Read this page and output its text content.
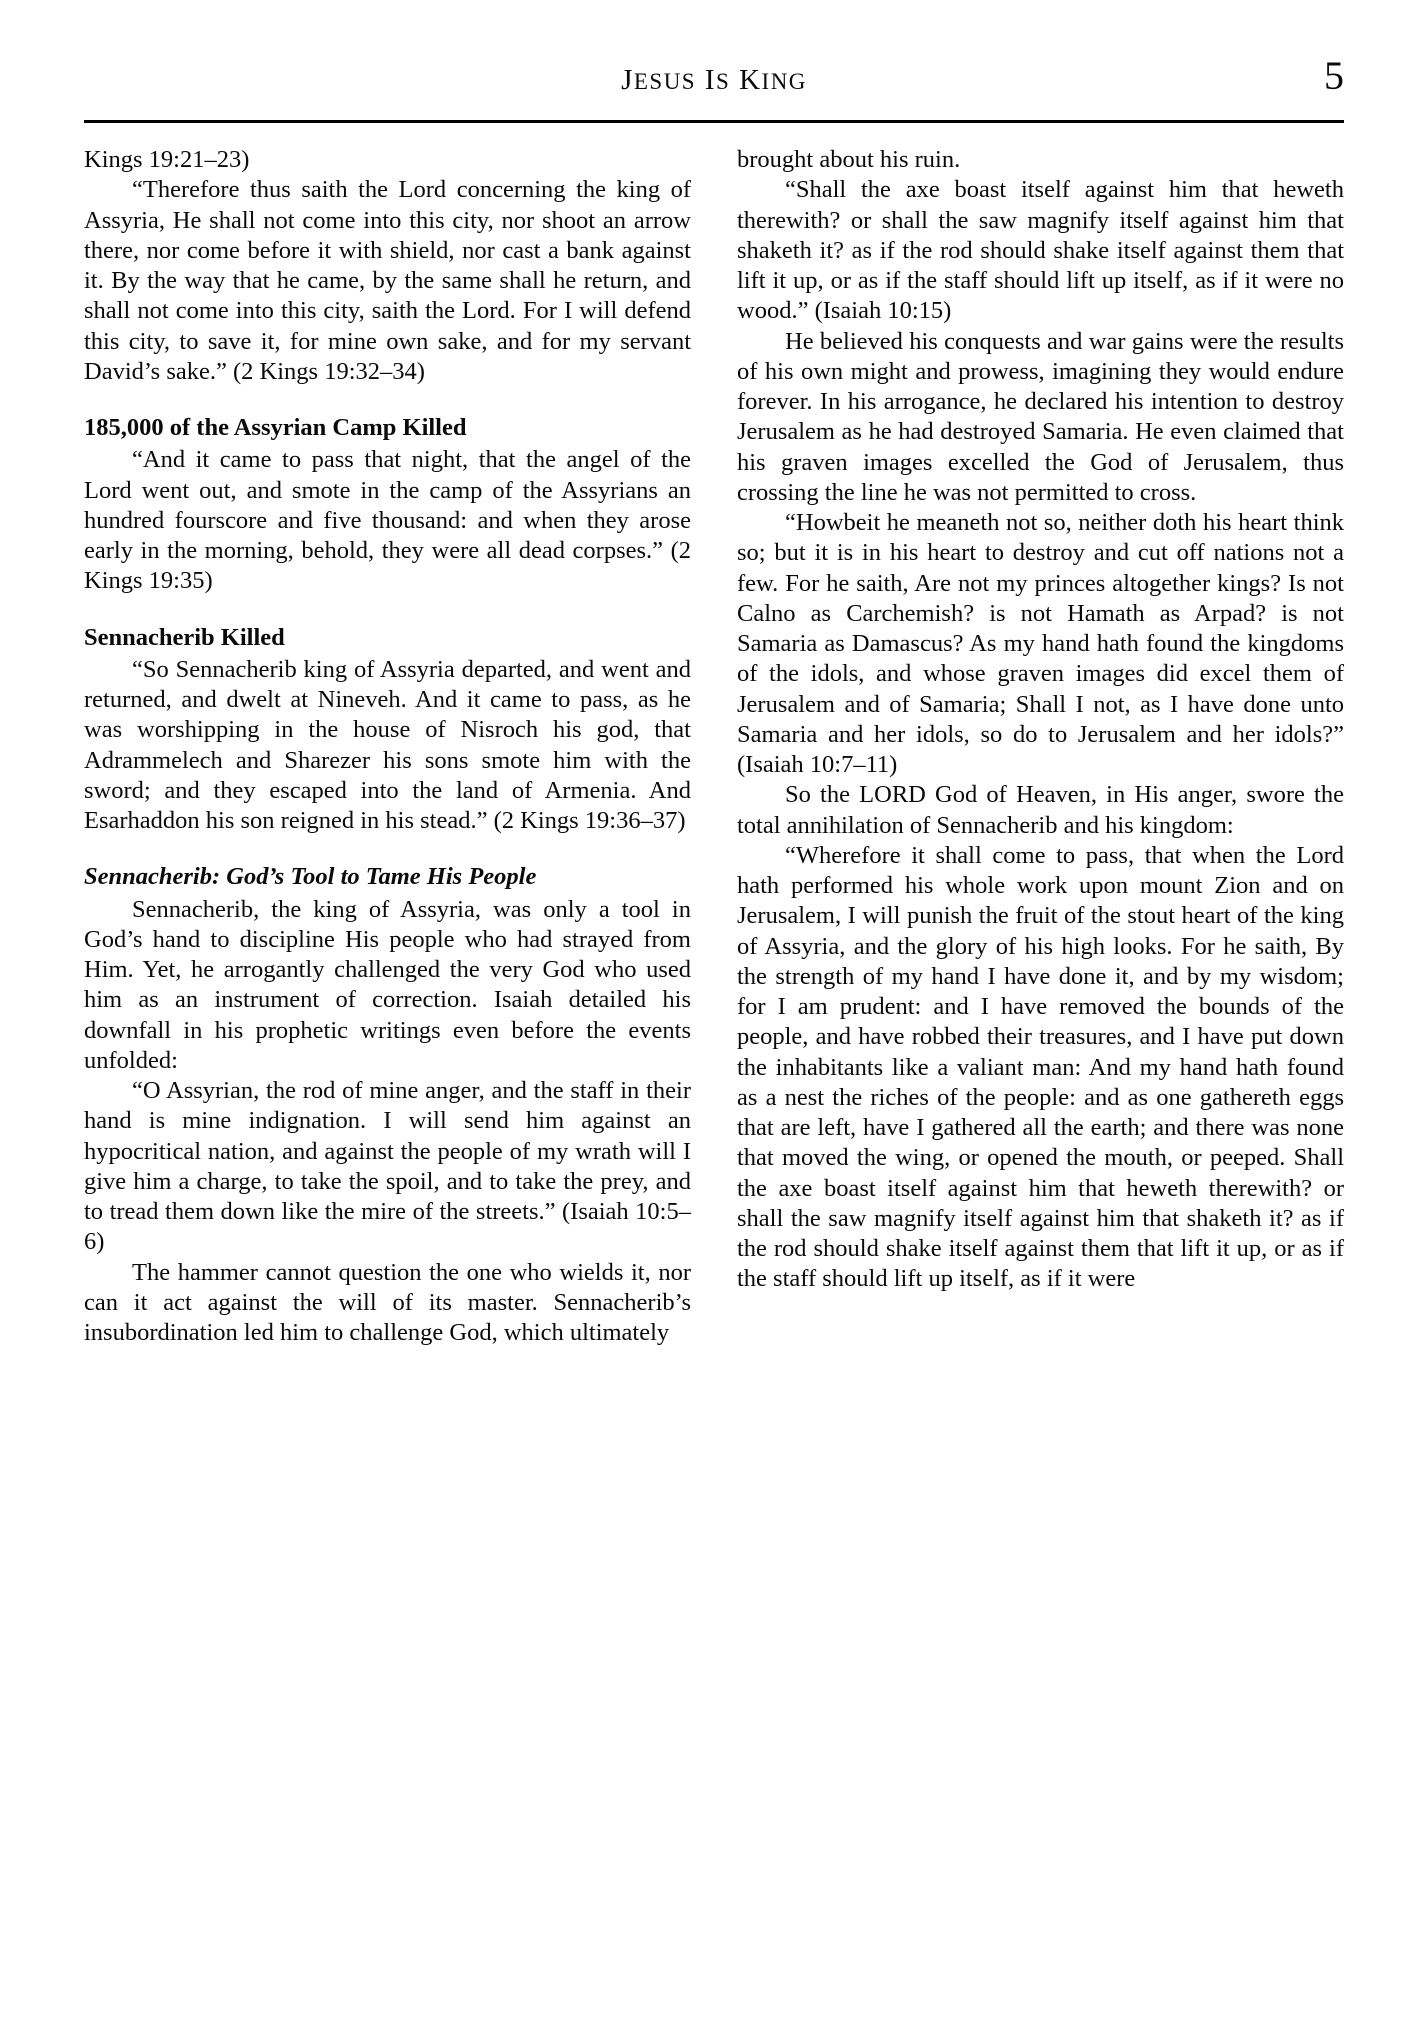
JESUS IS KING	5

Kings 19:21–23)

“Therefore thus saith the Lord concerning the king of Assyria, He shall not come into this city, nor shoot an arrow there, nor come before it with shield, nor cast a bank against it. By the way that he came, by the same shall he return, and shall not come into this city, saith the Lord. For I will defend this city, to save it, for mine own sake, and for my servant David’s sake.” (2 Kings 19:32–34)

185,000 of the Assyrian Camp Killed

“And it came to pass that night, that the angel of the Lord went out, and smote in the camp of the Assyrians an hundred fourscore and five thousand: and when they arose early in the morning, behold, they were all dead corpses.” (2 Kings 19:35)

Sennacherib Killed

“So Sennacherib king of Assyria departed, and went and returned, and dwelt at Nineveh. And it came to pass, as he was worshipping in the house of Nisroch his god, that Adrammelech and Sharezer his sons smote him with the sword; and they escaped into the land of Armenia. And Esarhaddon his son reigned in his stead.” (2 Kings 19:36–37)

Sennacherib: God’s Tool to Tame His People

Sennacherib, the king of Assyria, was only a tool in God’s hand to discipline His people who had strayed from Him. Yet, he arrogantly challenged the very God who used him as an instrument of correction. Isaiah detailed his downfall in his prophetic writings even before the events unfolded:

“O Assyrian, the rod of mine anger, and the staff in their hand is mine indignation. I will send him against an hypocritical nation, and against the people of my wrath will I give him a charge, to take the spoil, and to take the prey, and to tread them down like the mire of the streets.” (Isaiah 10:5–6)

The hammer cannot question the one who wields it, nor can it act against the will of its master. Sennacherib’s insubordination led him to challenge God, which ultimately

brought about his ruin.

“Shall the axe boast itself against him that heweth therewith? or shall the saw magnify itself against him that shaketh it? as if the rod should shake itself against them that lift it up, or as if the staff should lift up itself, as if it were no wood.” (Isaiah 10:15)

He believed his conquests and war gains were the results of his own might and prowess, imagining they would endure forever. In his arrogance, he declared his intention to destroy Jerusalem as he had destroyed Samaria. He even claimed that his graven images excelled the God of Jerusalem, thus crossing the line he was not permitted to cross.

“Howbeit he meaneth not so, neither doth his heart think so; but it is in his heart to destroy and cut off nations not a few. For he saith, Are not my princes altogether kings? Is not Calno as Carchemish? is not Hamath as Arpad? is not Samaria as Damascus? As my hand hath found the kingdoms of the idols, and whose graven images did excel them of Jerusalem and of Samaria; Shall I not, as I have done unto Samaria and her idols, so do to Jerusalem and her idols?” (Isaiah 10:7–11)

So the LORD God of Heaven, in His anger, swore the total annihilation of Sennacherib and his kingdom:

“Wherefore it shall come to pass, that when the Lord hath performed his whole work upon mount Zion and on Jerusalem, I will punish the fruit of the stout heart of the king of Assyria, and the glory of his high looks. For he saith, By the strength of my hand I have done it, and by my wisdom; for I am prudent: and I have removed the bounds of the people, and have robbed their treasures, and I have put down the inhabitants like a valiant man: And my hand hath found as a nest the riches of the people: and as one gathereth eggs that are left, have I gathered all the earth; and there was none that moved the wing, or opened the mouth, or peeped. Shall the axe boast itself against him that heweth therewith? or shall the saw magnify itself against him that shaketh it? as if the rod should shake itself against them that lift it up, or as if the staff should lift up itself, as if it were
